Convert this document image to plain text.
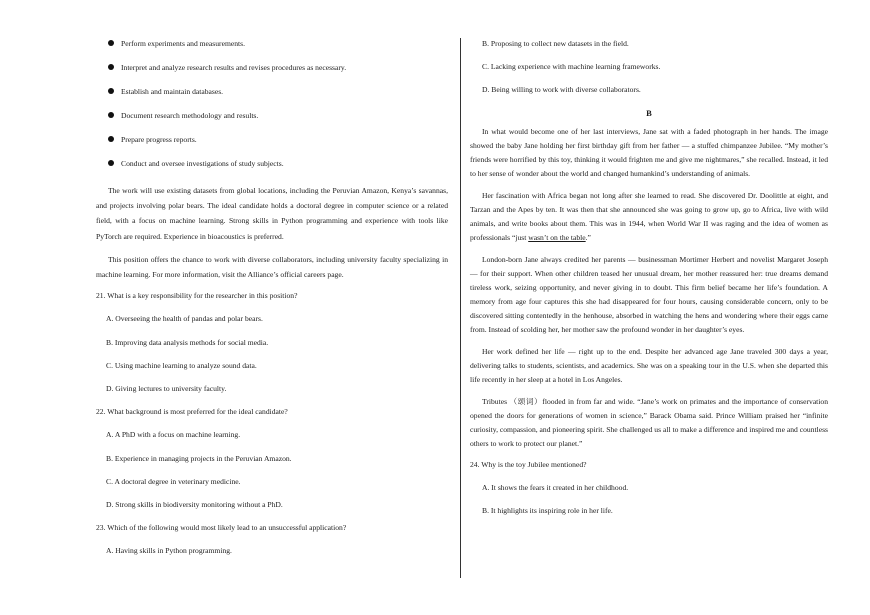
Perform experiments and measurements.
Interpret and analyze research results and revises procedures as necessary.
Establish and maintain databases.
Document research methodology and results.
Prepare progress reports.
Conduct and oversee investigations of study subjects.

The work will use existing datasets from global locations, including the Peruvian Amazon, Kenya’s savannas, and projects involving polar bears. The ideal candidate holds a doctoral degree in computer science or a related field, with a focus on machine learning. Strong skills in Python programming and experience with tools like PyTorch are required. Experience in bioacoustics is preferred.

This position offers the chance to work with diverse collaborators, including university faculty specializing in machine learning. For more information, visit the Alliance’s official careers page.

21. What is a key responsibility for the researcher in this position?
A. Overseeing the health of pandas and polar bears.
B. Improving data analysis methods for social media.
C. Using machine learning to analyze sound data.
D. Giving lectures to university faculty.
22. What background is most preferred for the ideal candidate?
A. A PhD with a focus on machine learning.
B. Experience in managing projects in the Peruvian Amazon.
C. A doctoral degree in veterinary medicine.
D. Strong skills in biodiversity monitoring without a PhD.
23. Which of the following would most likely lead to an unsuccessful application?
A. Having skills in Python programming.
B. Proposing to collect new datasets in the field.
C. Lacking experience with machine learning frameworks.
D. Being willing to work with diverse collaborators.
B

In what would become one of her last interviews, Jane sat with a faded photograph in her hands. The image showed the baby Jane holding her first birthday gift from her father — a stuffed chimpanzee Jubilee. “My mother’s friends were horrified by this toy, thinking it would frighten me and give me nightmares,” she recalled. Instead, it led to her sense of wonder about the world and changed humankind’s understanding of animals.

Her fascination with Africa began not long after she learned to read. She discovered Dr. Doolittle at eight, and Tarzan and the Apes by ten. It was then that she announced she was going to grow up, go to Africa, live with wild animals, and write books about them. This was in 1944, when World War II was raging and the idea of women as professionals “just wasn’t on the table.”

London-born Jane always credited her parents — businessman Mortimer Herbert and novelist Margaret Joseph — for their support. When other children teased her unusual dream, her mother reassured her: true dreams demand tireless work, seizing opportunity, and never giving in to doubt. This firm belief became her life’s foundation. A memory from age four captures this she had disappeared for four hours, causing considerable concern, only to be discovered sitting contentedly in the henhouse, absorbed in watching the hens and wondering where their eggs came from. Instead of scolding her, her mother saw the profound wonder in her daughter’s eyes.

Her work defined her life — right up to the end. Despite her advanced age Jane traveled 300 days a year, delivering talks to students, scientists, and academics. She was on a speaking tour in the U.S. when she departed this life recently in her sleep at a hotel in Los Angeles.

Tributes （颂词）flooded in from far and wide. “Jane’s work on primates and the importance of conservation opened the doors for generations of women in science,” Barack Obama said. Prince William praised her “infinite curiosity, compassion, and pioneering spirit. She challenged us all to make a difference and inspired me and countless others to work to protect our planet.”

24. Why is the toy Jubilee mentioned?
A. It shows the fears it created in her childhood.
B. It highlights its inspiring role in her life.
